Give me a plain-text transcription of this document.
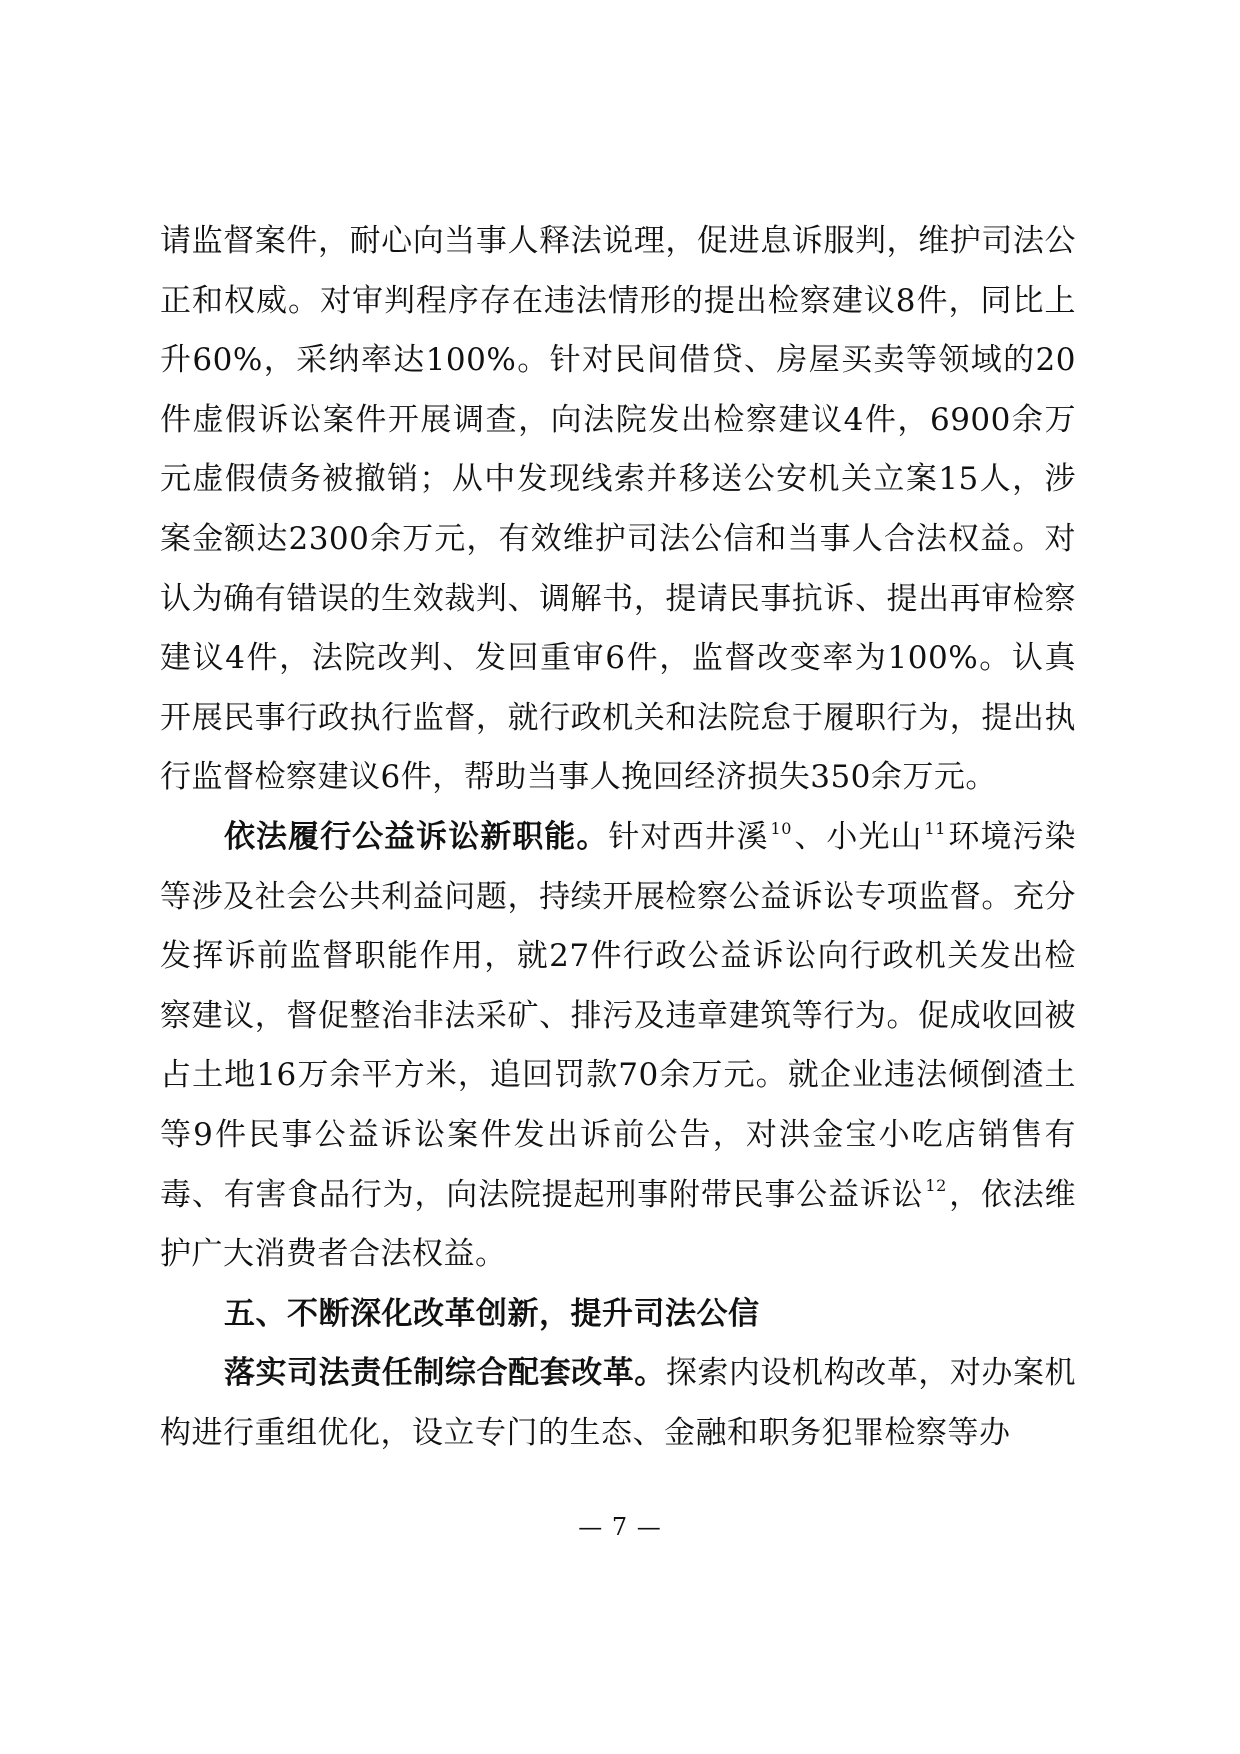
请监督案件，耐心向当事人释法说理，促进息诉服判，维护司法公正和权威。对审判程序存在违法情形的提出检察建议8件，同比上升60%，采纳率达100%。针对民间借贷、房屋买卖等领域的20件虚假诉讼案件开展调查，向法院发出检察建议4件，6900余万元虚假债务被撤销；从中发现线索并移送公安机关立案15人，涉案金额达2300余万元，有效维护司法公信和当事人合法权益。对认为确有错误的生效裁判、调解书，提请民事抗诉、提出再审检察建议4件，法院改判、发回重审6件，监督改变率为100%。认真开展民事行政执行监督，就行政机关和法院怠于履职行为，提出执行监督检察建议6件，帮助当事人挽回经济损失350余万元。

依法履行公益诉讼新职能。针对西井溪 $^{10}$、小光山 $^{11}$环境污染等涉及社会公共利益问题，持续开展检察公益诉讼专项监督。充分发挥诉前监督职能作用，就27件行政公益诉讼向行政机关发出检察建议，督促整治非法采矿、排污及违章建筑等行为。促成收回被占土地16万余平方米，追回罚款70余万元。就企业违法倾倒渣土等9件民事公益诉讼案件发出诉前公告，对洪金宝小吃店销售有毒、有害食品行为，向法院提起刑事附带民事公益诉讼 $^{12}$，依法维护广大消费者合法权益。

五、不断深化改革创新，提升司法公信

落实司法责任制综合配套改革。探索内设机构改革，对办案机构进行重组优化，设立专门的生态、金融和职务犯罪检察等办

— 7 —
